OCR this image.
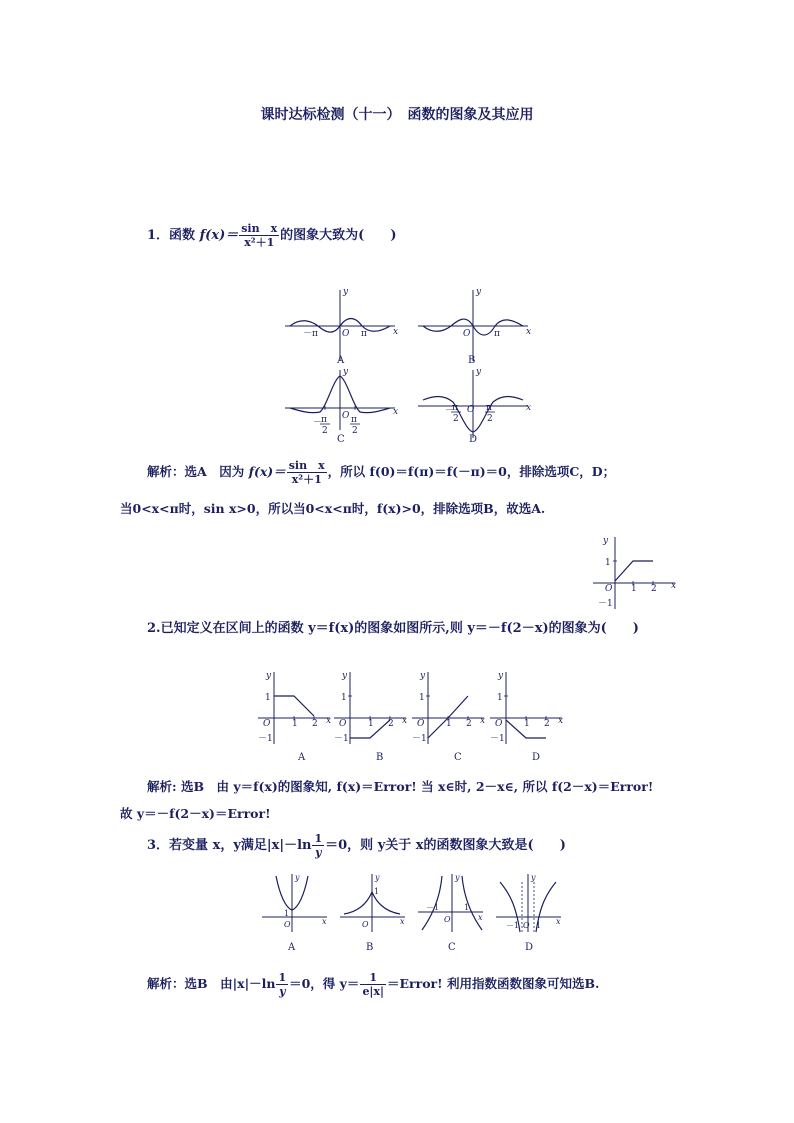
课时达标检测（十一）　函数的图象及其应用
1．函数 $f(x)= \frac{\text{sin　x}}{\text{x²＋1}}$ 的图象大致为(　　)
y
x
O
－π	π
A
y
x
O	π
B
y
x
O
－
π
2
π
2
C
y
x
O
－
π
2
π
2
D
解析：选A　因为 $f(x)= \frac{\text{sin　x}}{\text{x²＋1}}$ ，所以 f(0)＝f(π)＝f(－π)＝0，排除选项C，D；
当0<x<π时，sin x>0，所以当0<x<π时，f(x)>0，排除选项B，故选A.
y
x
1
O 1 2
－1
2.已知定义在区间上的函数 y＝f(x)的图象如图所示,则 y＝－f(2－x)的图象为(　　)
y
x
1
O 1 2
－1
A
y
x
1
O 1 2
－1
B
y
x
1
O 1 2
－1
C
y
x
1
O 1 2
－1
D
解析: 选B　由 y＝f(x)的图象知, f(x)＝Error! 当 x∈时, 2－x∈, 所以 f(2－x)＝Error!
故 y＝－f(2－x)＝Error!
3．若变量 x，y满足$|x|-\ln \frac{1}{y} =0$，则 y关于 x的函数图象大致是(　　)
y
x
1
O
A
y
x
1
O
B
y
x
－1	1
O
C
y
x
－1 O 1
D
解析：选B　由$|x|-\ln \frac{1}{y} =0$，得 $y= \frac{1}{e|x|}$ ＝Error! 利用指数函数图象可知选B.
